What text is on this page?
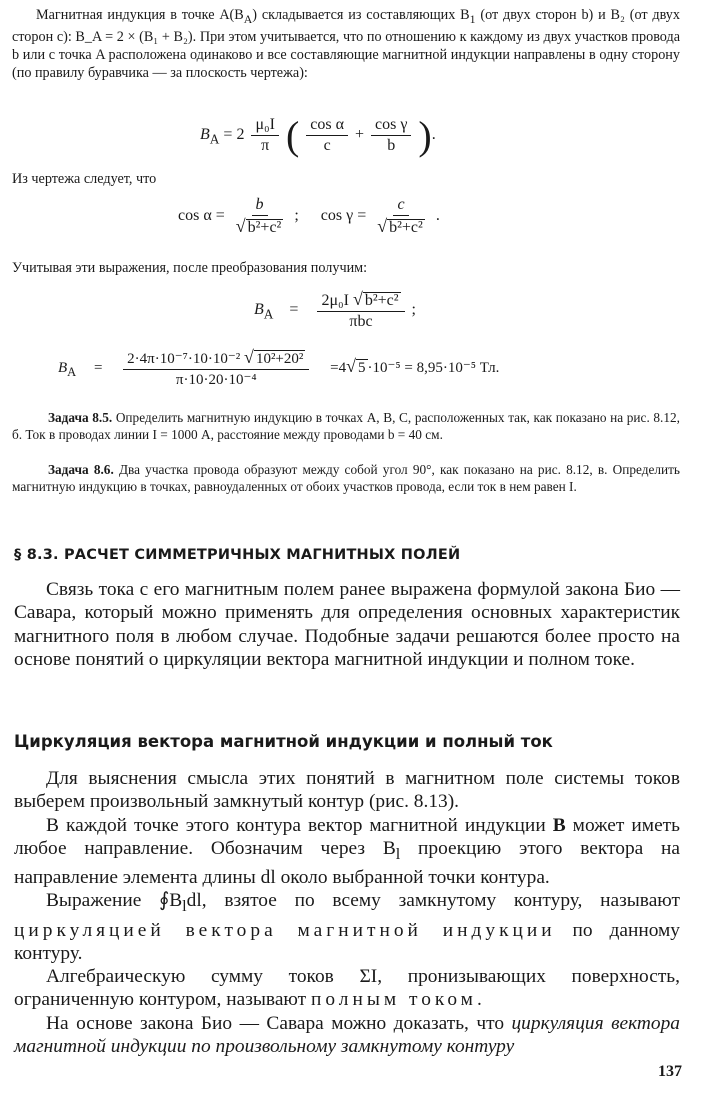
Магнитная индукция в точке $A(B_A)$ складывается из составляющих $B_1$ (от двух сторон b) и B₂ (от двух сторон c): B_A = 2 × (B₁ + B₂). При этом учитывается, что по отношению к каждому из двух участков провода b или c точка A расположена одинаково и все составляющие магнитной индукции направлены в одну сторону (по правилу буравчика — за плоскость чертежа):

$B_A = 2 \frac{\text{μ₀I}}{\pi}$ ( $\frac{\text{cos α}}{c} + \frac{\text{cos γ}}{b}$ ).
Из чертежа следует, что
$\cos \alpha = \frac{b}{\text{√ b²+c²}}$ ; $\cos \gamma = \frac{c}{\text{√ b²+c²}}$ .
Учитывая эти выражения, после преобразования получим:
$B_A = \frac{\text{2μ₀I √ b²+c²}}{\text{πbc}}$ ;
$B_A = \frac{\text{2·4π·10⁻⁷·10·10⁻² √ 10²+20²}}{\text{π·10·20·10⁻⁴}} =4√$ 5 ·10⁻⁵ = 8,95·10⁻⁵ Тл.

Задача 8.5. Определить магнитную индукцию в точках A, B, C, расположенных так, как показано на рис. 8.12, б. Ток в проводах линии I = 1000 А, расстояние между проводами b = 40 см.

Задача 8.6. Два участка провода образуют между собой угол 90°, как показано на рис. 8.12, в. Определить магнитную индукцию в точках, равноудаленных от обоих участков провода, если ток в нем равен I.

§ 8.3. РАСЧЕТ СИММЕТРИЧНЫХ МАГНИТНЫХ ПОЛЕЙ

Связь тока с его магнитным полем ранее выражена формулой закона Био — Савара, который можно применять для определения основных характеристик магнитного поля в любом случае. Подобные задачи решаются более просто на основе понятий о циркуляции вектора магнитной индукции и полном токе.

Циркуляция вектора магнитной индукции и полный ток

Для выяснения смысла этих понятий в магнитном поле системы токов выберем произвольный замкнутый контур (рис. 8.13).

В каждой точке этого контура вектор магнитной индукции В может иметь любое направление. Обозначим через $B_l$ проекцию этого вектора на направление элемента длины dl около выбранной точки контура.

Выражение $∮B_ldl$, взятое по всему замкнутому контуру, называют циркуляцией вектора магнитной индукции по данному контуру.

Алгебраическую сумму токов ΣI, пронизывающих поверхность, ограниченную контуром, называют полным током.

На основе закона Био — Савара можно доказать, что циркуляция вектора магнитной индукции по произвольному замкнутому контуру

137
